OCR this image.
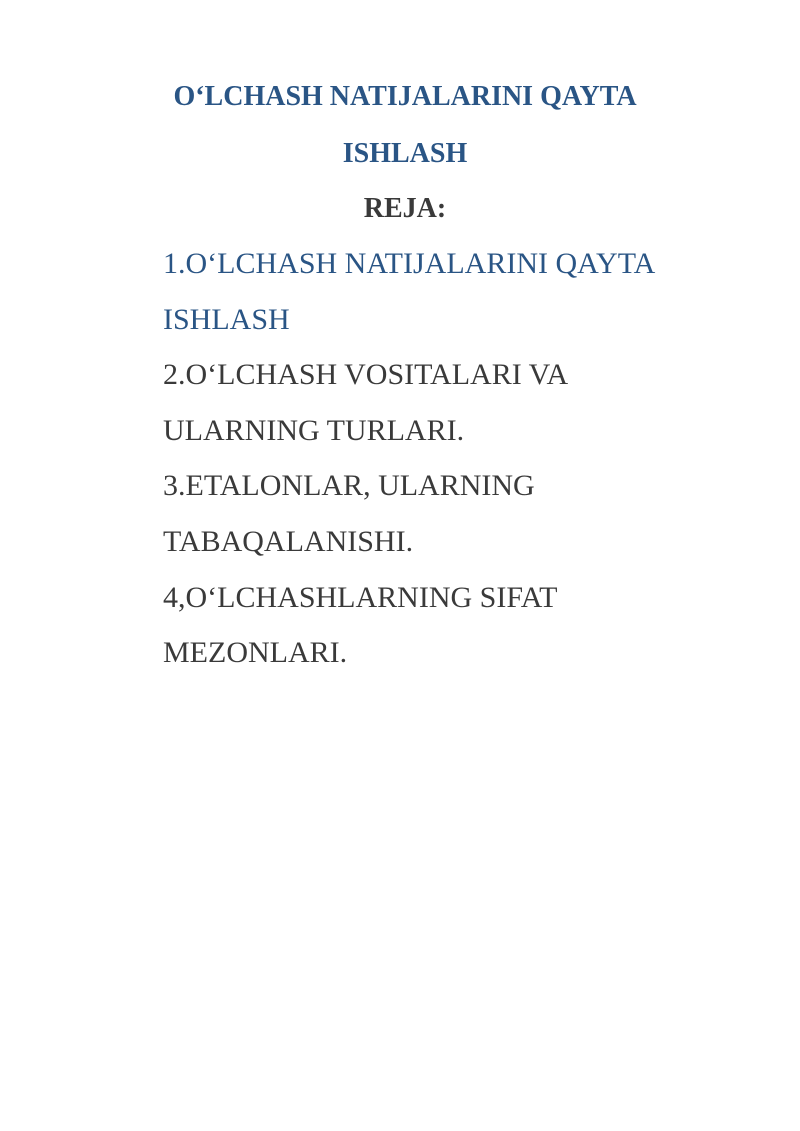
O‘LCHASH NATIJALARINI QAYTA
ISHLASH
REJA:
1.O‘LCHASH NATIJALARINI QAYTA
ISHLASH
2.O‘LCHASH VOSITALARI VA
ULARNING TURLARI.
3.ETALONLAR, ULARNING
TABAQALANISHI.
4,O‘LCHASHLARNING SIFAT
MEZONLARI.
